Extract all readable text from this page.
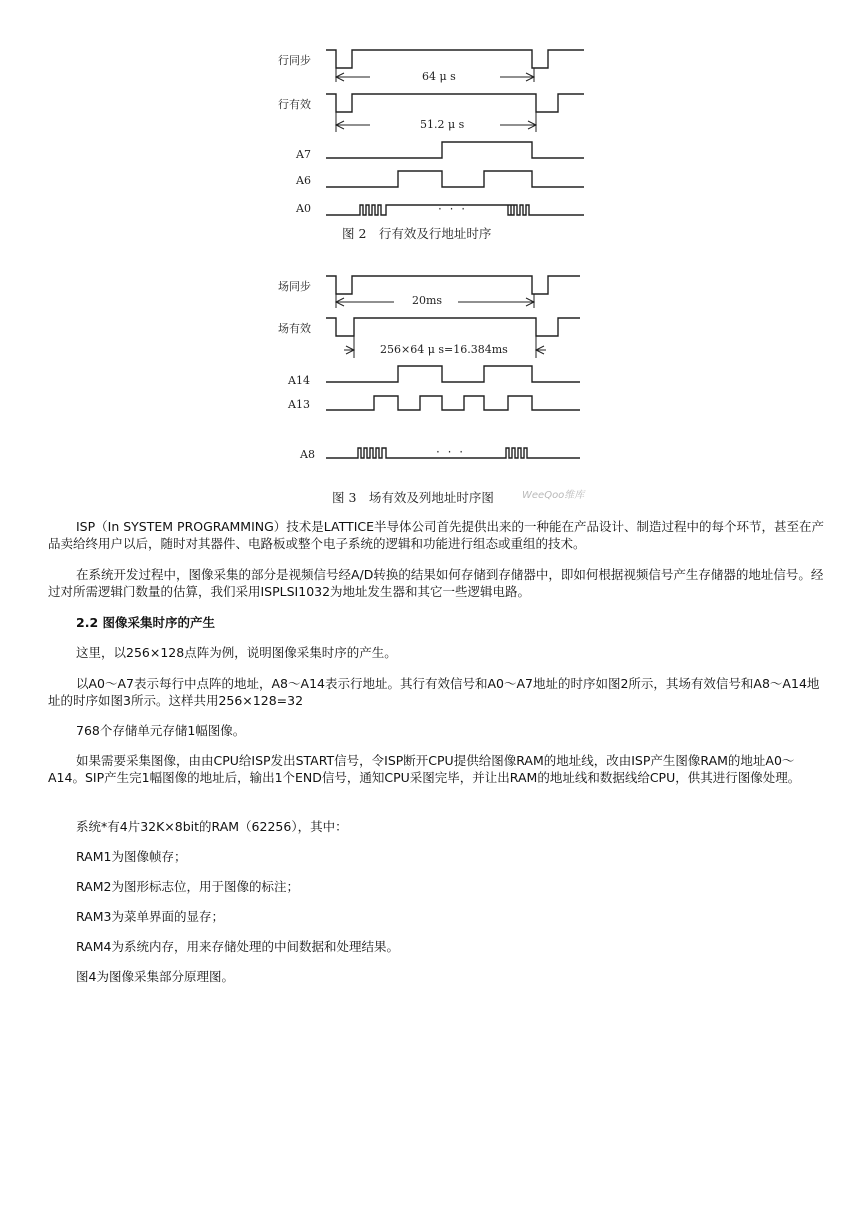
行同步
行有效
A7
A6
A0
64 μ s
51.2 μ s
· · ·
图 2　行有效及行地址时序
场同步
场有效
A14
A13
A8
20ms
256×64 μ s=16.384ms
· · ·
图 3　场有效及列地址时序图	WeeQoo维库

ISP（In SYSTEM PROGRAMMING）技术是LATTICE半导体公司首先提供出来的一种能在产品设计、制造过程中的每个环节，甚至在产品卖给终用户以后，随时对其器件、电路板或整个电子系统的逻辑和功能进行组态或重组的技术。

在系统开发过程中，图像采集的部分是视频信号经A/D转换的结果如何存储到存储器中，即如何根据视频信号产生存储器的地址信号。经过对所需逻辑门数量的估算，我们采用ISPLSI1032为地址发生器和其它一些逻辑电路。

2.2 图像采集时序的产生

这里，以256×128点阵为例，说明图像采集时序的产生。

以A0～A7表示每行中点阵的地址，A8～A14表示行地址。其行有效信号和A0～A7地址的时序如图2所示，其场有效信号和A8～A14地址的时序如图3所示。这样共用256×128=32

768个存储单元存储1幅图像。

如果需要采集图像，由由CPU给ISP发出START信号，令ISP断开CPU提供给图像RAM的地址线，改由ISP产生图像RAM的地址A0～A14。SIP产生完1幅图像的地址后，输出1个END信号，通知CPU采图完毕，并让出RAM的地址线和数据线给CPU，供其进行图像处理。

系统*有4片32K×8bit的RAM（62256），其中：

RAM1为图像帧存；

RAM2为图形标志位，用于图像的标注；

RAM3为菜单界面的显存；

RAM4为系统内存，用来存储处理的中间数据和处理结果。

图4为图像采集部分原理图。
